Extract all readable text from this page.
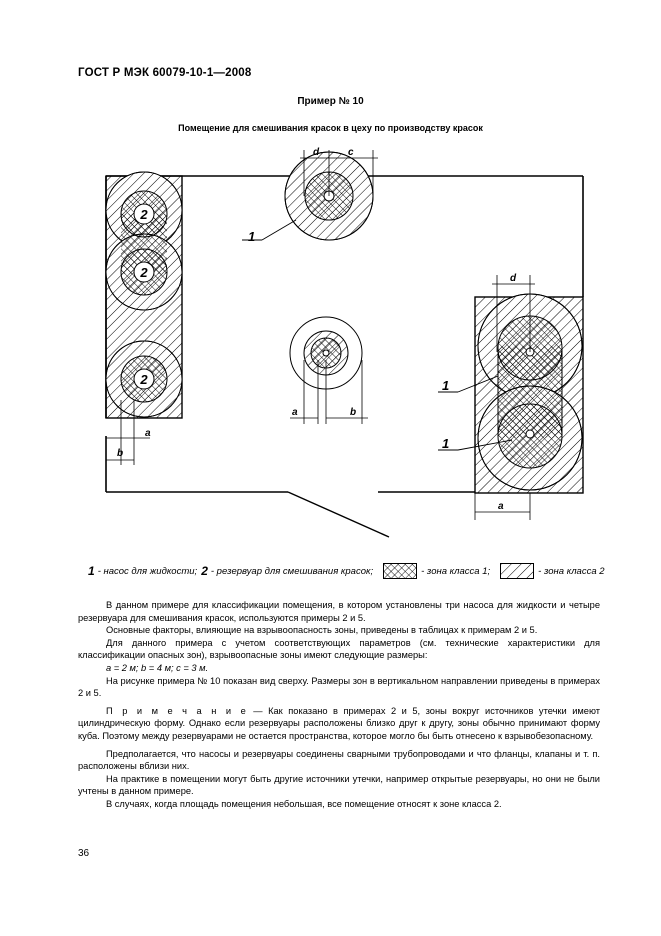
ГОСТ Р МЭК 60079-10-1—2008
Пример № 10
Помещение для смешивания красок в цеху по производству красок
2
2
2
a
b
d	c
1
a	b
d
a
1
1
1 - насос для жидкости; 2 - резервуар для смешивания красок;	- зона класса 1;	- зона класса 2

В данном примере для классификации помещения, в котором установлены три насоса для жидкости и четыре резервуара для смешивания красок, используются примеры 2 и 5.

Основные факторы, влияющие на взрывоопасность зоны, приведены в таблицах к примерам 2 и 5.

Для данного примера с учетом соответствующих параметров (см. технические характеристики для классификации опасных зон), взрывоопасные зоны имеют следующие размеры:

а = 2 м; b = 4 м; с = 3 м.

На рисунке примера № 10 показан вид сверху. Размеры зон в вертикальном направлении приведены в примерах 2 и 5.

П р и м е ч а н и е — Как показано в примерах 2 и 5, зоны вокруг источников утечки имеют цилиндрическую форму. Однако если резервуары расположены близко друг к другу, зоны обычно принимают форму куба. Поэтому между резервуарами не остается пространства, которое могло бы быть отнесено к взрывобезопасному.

Предполагается, что насосы и резервуары соединены сварными трубопроводами и что фланцы, клапаны и т. п. расположены вблизи них.

На практике в помещении могут быть другие источники утечки, например открытые резервуары, но они не были учтены в данном примере.

В случаях, когда площадь помещения небольшая, все помещение относят к зоне класса 2.

36
